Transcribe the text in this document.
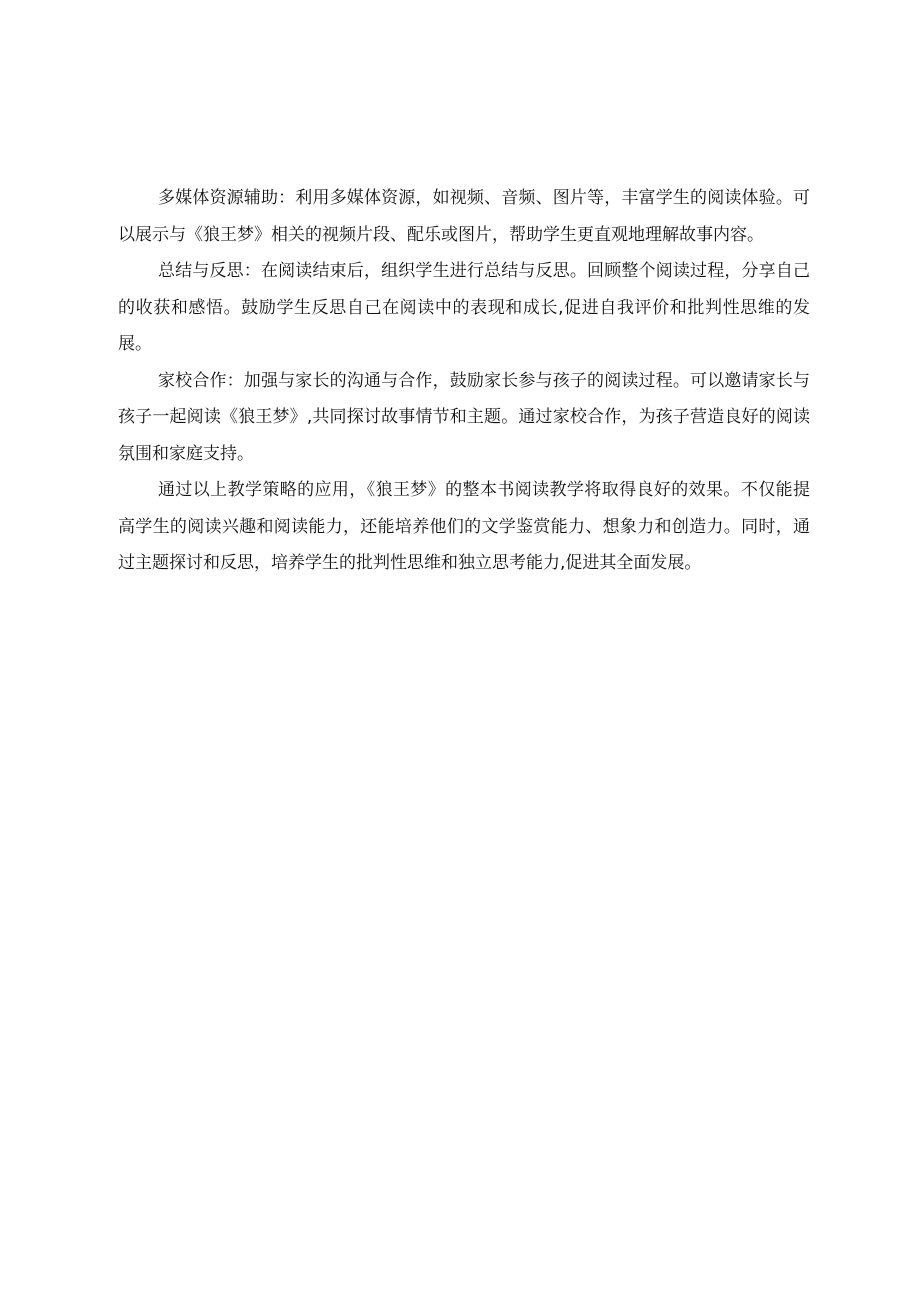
多媒体资源辅助：利用多媒体资源，如视频、音频、图片等，丰富学生的阅读体验。可以展示与《狼王梦》相关的视频片段、配乐或图片，帮助学生更直观地理解故事内容。

总结与反思：在阅读结束后，组织学生进行总结与反思。回顾整个阅读过程，分享自己的收获和感悟。鼓励学生反思自己在阅读中的表现和成长,促进自我评价和批判性思维的发展。

家校合作：加强与家长的沟通与合作，鼓励家长参与孩子的阅读过程。可以邀请家长与孩子一起阅读《狼王梦》,共同探讨故事情节和主题。通过家校合作，为孩子营造良好的阅读氛围和家庭支持。

通过以上教学策略的应用，《狼王梦》的整本书阅读教学将取得良好的效果。不仅能提高学生的阅读兴趣和阅读能力，还能培养他们的文学鉴赏能力、想象力和创造力。同时，通过主题探讨和反思，培养学生的批判性思维和独立思考能力,促进其全面发展。
